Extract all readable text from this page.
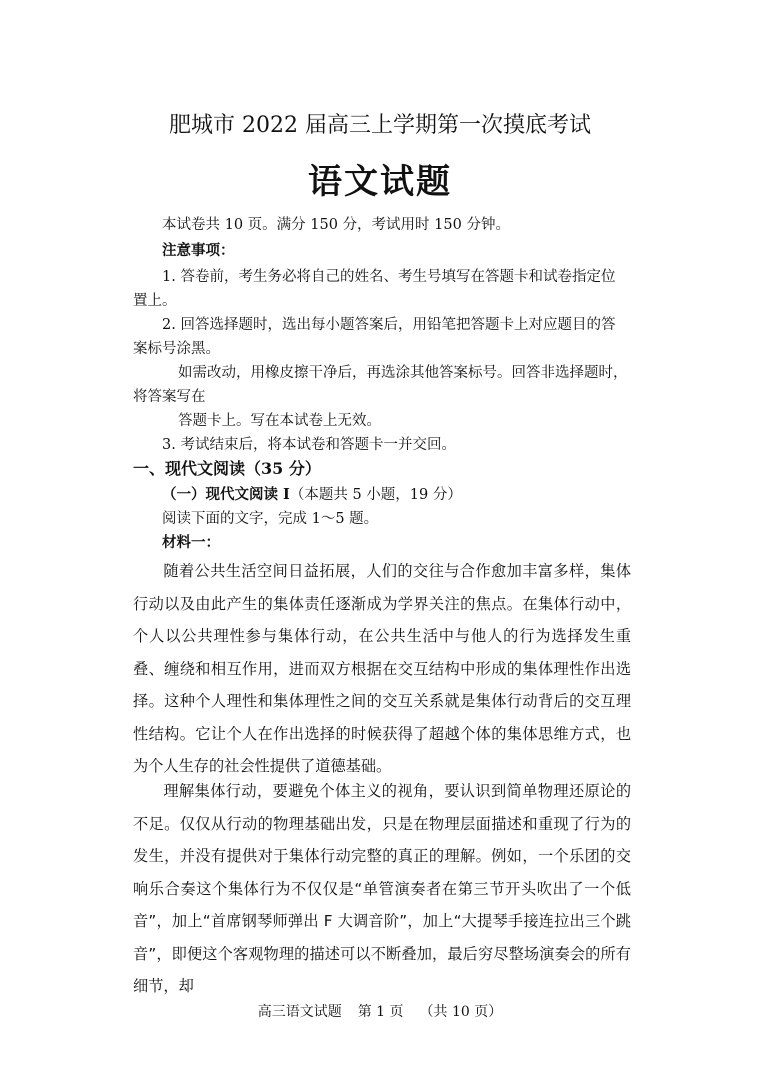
肥城市 2022 届高三上学期第一次摸底考试
语文试题
本试卷共 10 页。满分 150 分，考试用时 150 分钟。
注意事项：
1. 答卷前，考生务必将自己的姓名、考生号填写在答题卡和试卷指定位
置上。
2. 回答选择题时，选出每小题答案后，用铅笔把答题卡上对应题目的答
案标号涂黑。
如需改动，用橡皮擦干净后，再选涂其他答案标号。回答非选择题时，
将答案写在
答题卡上。写在本试卷上无效。
3. 考试结束后，将本试卷和答题卡一并交回。
一、现代文阅读（35 分）
（一）现代文阅读 I（本题共 5 小题，19 分）
阅读下面的文字，完成 1～5 题。
材料一：
随着公共生活空间日益拓展，人们的交往与合作愈加丰富多样，集体行动以及由此产生的集体责任逐渐成为学界关注的焦点。在集体行动中，个人以公共理性参与集体行动，在公共生活中与他人的行为选择发生重叠、缠绕和相互作用，进而双方根据在交互结构中形成的集体理性作出选择。这种个人理性和集体理性之间的交互关系就是集体行动背后的交互理性结构。它让个人在作出选择的时候获得了超越个体的集体思维方式，也为个人生存的社会性提供了道德基础。
理解集体行动，要避免个体主义的视角，要认识到简单物理还原论的不足。仅仅从行动的物理基础出发，只是在物理层面描述和重现了行为的发生，并没有提供对于集体行动完整的真正的理解。例如，一个乐团的交响乐合奏这个集体行为不仅仅是“单管演奏者在第三节开头吹出了一个低音”，加上“首席钢琴师弹出 F 大调音阶”，加上“大提琴手接连拉出三个跳音”，即便这个客观物理的描述可以不断叠加，最后穷尽整场演奏会的所有细节，却
高三语文试题 第 1 页 （共 10 页）
